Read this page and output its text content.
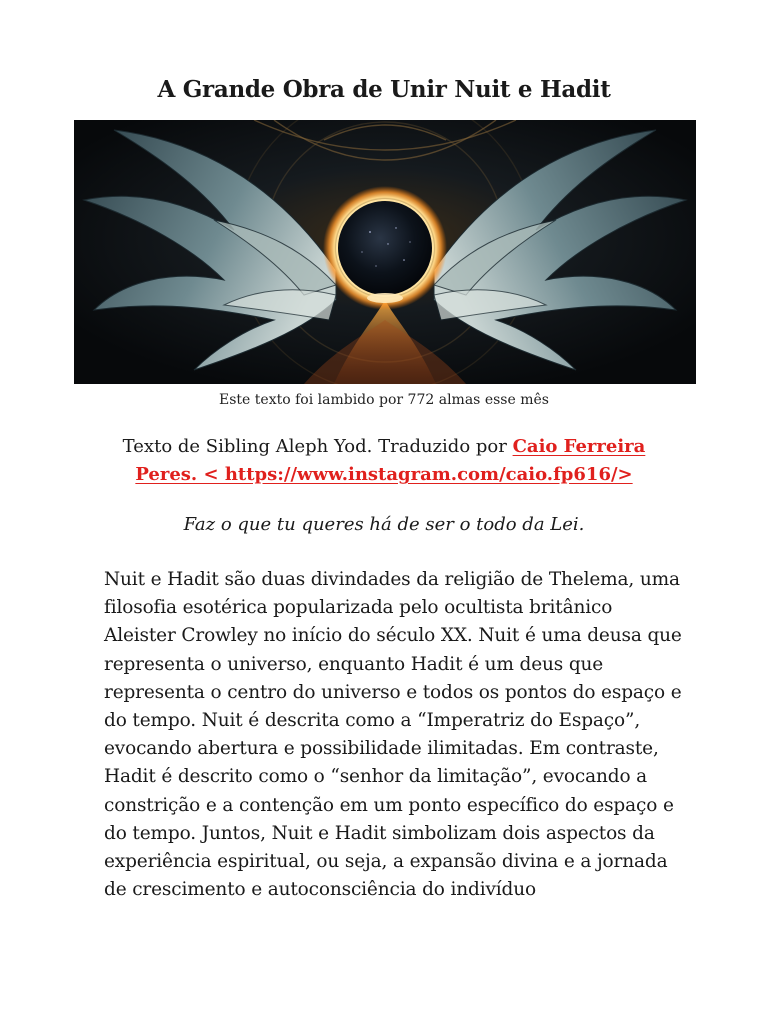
A Grande Obra de Unir Nuit e Hadit

Este texto foi lambido por 772 almas esse mês

Texto de Sibling Aleph Yod. Traduzido por Caio Ferreira Peres. < https://www.instagram.com/caio.fp616/>

Faz o que tu queres há de ser o todo da Lei.

Nuit e Hadit são duas divindades da religião de Thelema, uma filosofia esotérica popularizada pelo ocultista britânico Aleister Crowley no início do século XX. Nuit é uma deusa que representa o universo, enquanto Hadit é um deus que representa o centro do universo e todos os pontos do espaço e do tempo. Nuit é descrita como a “Imperatriz do Espaço”, evocando abertura e possibilidade ilimitadas. Em contraste, Hadit é descrito como o “senhor da limitação”, evocando a constrição e a contenção em um ponto específico do espaço e do tempo. Juntos, Nuit e Hadit simbolizam dois aspectos da experiência espiritual, ou seja, a expansão divina e a jornada de crescimento e autoconsciência do indivíduo
